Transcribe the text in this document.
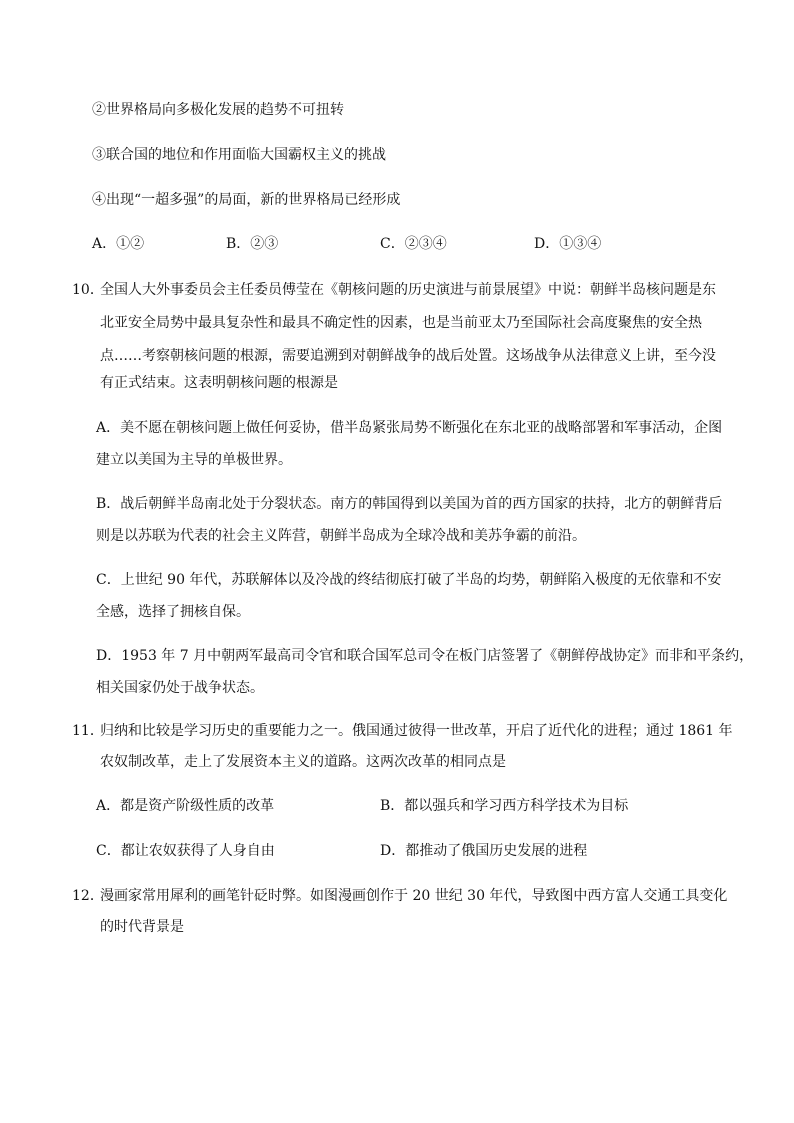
②世界格局向多极化发展的趋势不可扭转
③联合国的地位和作用面临大国霸权主义的挑战
④出现“一超多强”的局面，新的世界格局已经形成
A．①②	B．②③	C．②③④	D．①③④
10．
全国人大外事委员会主任委员傅莹在《朝核问题的历史演进与前景展望》中说：朝鲜半岛核问题是东
北亚安全局势中最具复杂性和最具不确定性的因素，也是当前亚太乃至国际社会高度聚焦的安全热
点……考察朝核问题的根源，需要追溯到对朝鲜战争的战后处置。这场战争从法律意义上讲，至今没
有正式结束。这表明朝核问题的根源是
A．美不愿在朝核问题上做任何妥协，借半岛紧张局势不断强化在东北亚的战略部署和军事活动，企图
建立以美国为主导的单极世界。
B．战后朝鲜半岛南北处于分裂状态。南方的韩国得到以美国为首的西方国家的扶持，北方的朝鲜背后
则是以苏联为代表的社会主义阵营，朝鲜半岛成为全球冷战和美苏争霸的前沿。
C．上世纪 90 年代，苏联解体以及冷战的终结彻底打破了半岛的均势，朝鲜陷入极度的无依靠和不安
全感，选择了拥核自保。
D．1953 年 7 月中朝两军最高司令官和联合国军总司令在板门店签署了《朝鲜停战协定》而非和平条约，
相关国家仍处于战争状态。
11．
归纳和比较是学习历史的重要能力之一。俄国通过彼得一世改革，开启了近代化的进程；通过 1861 年
农奴制改革，走上了发展资本主义的道路。这两次改革的相同点是
A．都是资产阶级性质的改革	B．都以强兵和学习西方科学技术为目标
C．都让农奴获得了人身自由	D．都推动了俄国历史发展的进程
12．
漫画家常用犀利的画笔针砭时弊。如图漫画创作于 20 世纪 30 年代，导致图中西方富人交通工具变化
的时代背景是
